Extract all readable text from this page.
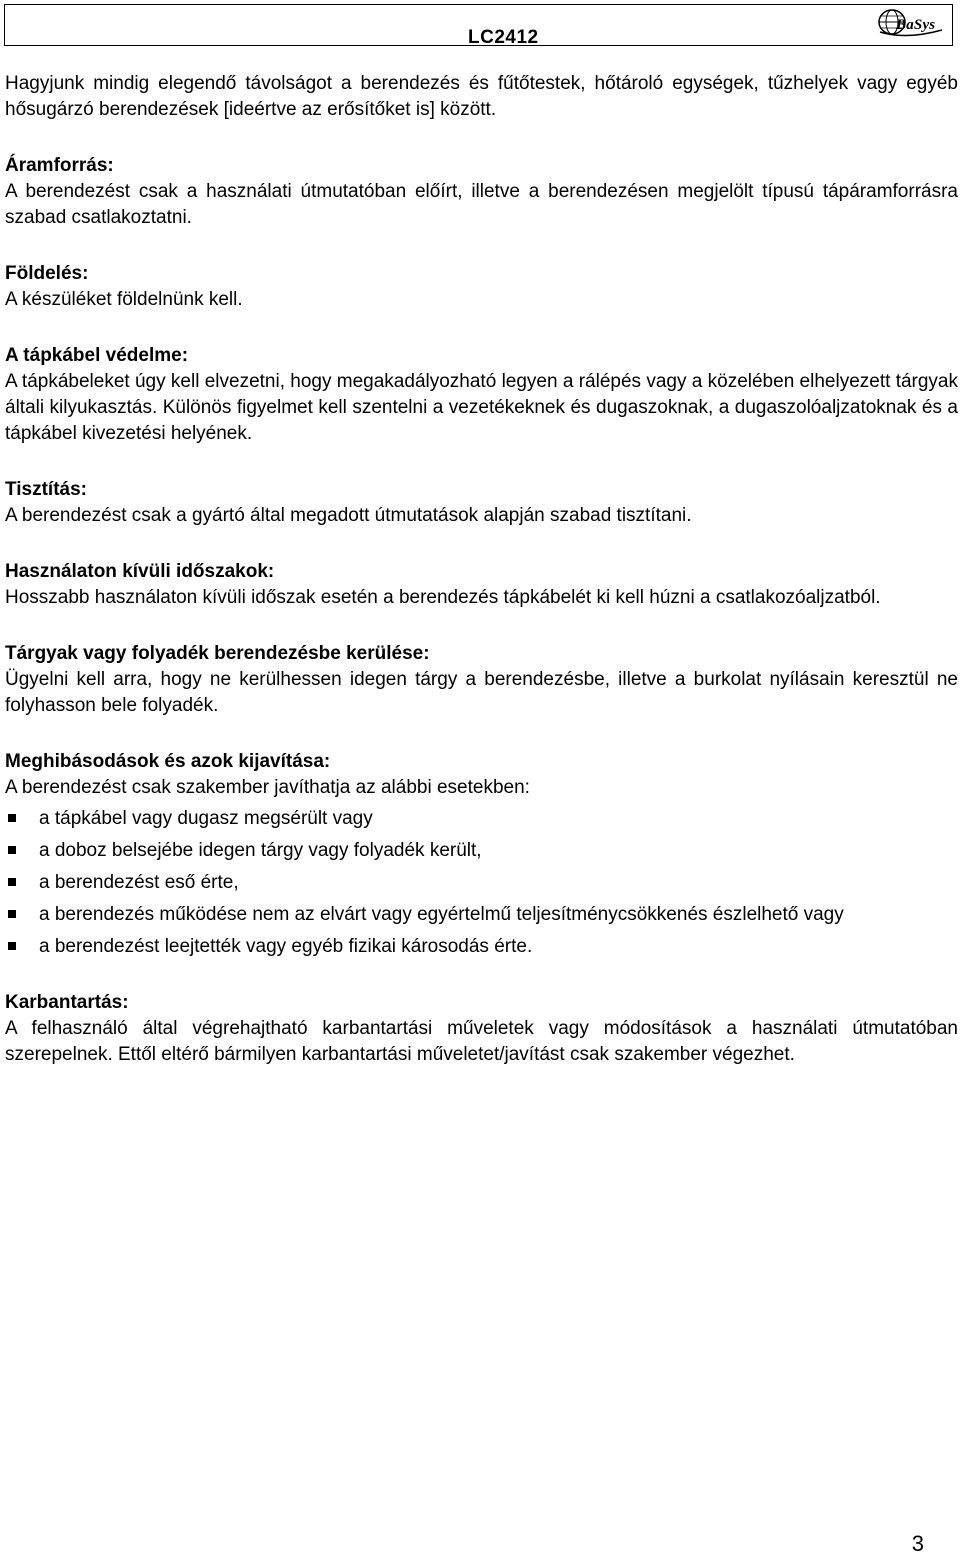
LC2412
BaSys

Hagyjunk mindig elegendő távolságot a berendezés és fűtőtestek, hőtároló egységek, tűzhelyek vagy egyéb hősugárzó berendezések [ideértve az erősítőket is] között.

Áramforrás:

A berendezést csak a használati útmutatóban előírt, illetve a berendezésen megjelölt típusú tápáramforrásra szabad csatlakoztatni.

Földelés:

A készüléket földelnünk kell.

A tápkábel védelme:

A tápkábeleket úgy kell elvezetni, hogy megakadályozható legyen a rálépés vagy a közelében elhelyezett tárgyak általi kilyukasztás. Különös figyelmet kell szentelni a vezetékeknek és dugaszoknak, a dugaszolóaljzatoknak és a tápkábel kivezetési helyének.

Tisztítás:

A berendezést csak a gyártó által megadott útmutatások alapján szabad tisztítani.

Használaton kívüli időszakok:

Hosszabb használaton kívüli időszak esetén a berendezés tápkábelét ki kell húzni a csatlakozóaljzatból.

Tárgyak vagy folyadék berendezésbe kerülése:

Ügyelni kell arra, hogy ne kerülhessen idegen tárgy a berendezésbe, illetve a burkolat nyílásain keresztül ne folyhasson bele folyadék.

Meghibásodások és azok kijavítása:

A berendezést csak szakember javíthatja az alábbi esetekben:

a tápkábel vagy dugasz megsérült vagy
a doboz belsejébe idegen tárgy vagy folyadék került,
a berendezést eső érte,
a berendezés működése nem az elvárt vagy egyértelmű teljesítménycsökkenés észlelhető vagy
a berendezést leejtették vagy egyéb fizikai károsodás érte.
Karbantartás:

A felhasználó által végrehajtható karbantartási műveletek vagy módosítások a használati útmutatóban szerepelnek. Ettől eltérő bármilyen karbantartási műveletet/javítást csak szakember végezhet.

3
